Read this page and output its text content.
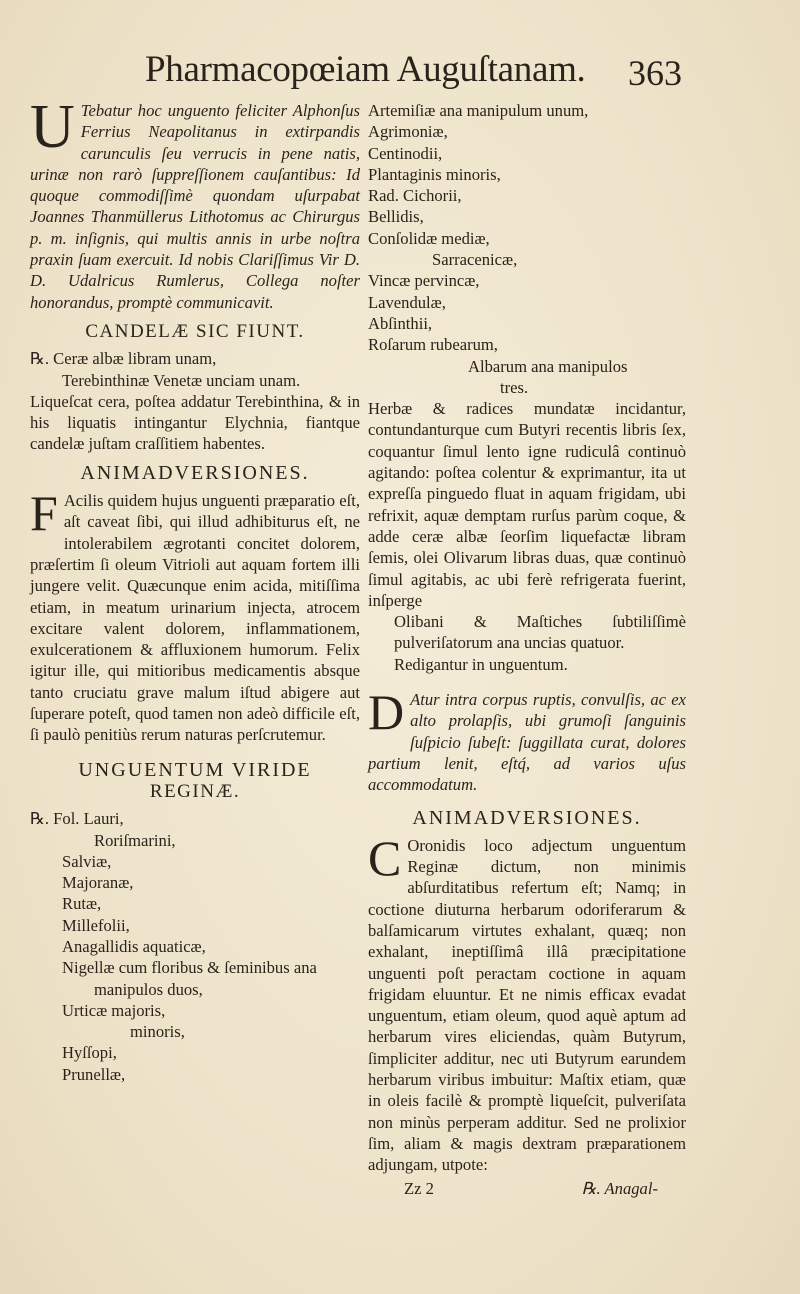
Pharmacopœiam Auguſtanam. 363
U Tebatur hoc unguento feliciter Alphonſus Ferrius Neapolitanus in extirpandis carunculis ſeu verrucis in pene natis, urinæ non rarò ſuppreſſionem cauſantibus: Id quoque commodiſſimè quondam uſurpabat Joannes Thanmüllerus Lithotomus ac Chirurgus p. m. inſignis, qui multis annis in urbe noſtra praxin ſuam exercuit. Id nobis Clariſſimus Vir D. D. Udalricus Rumlerus, Collega noſter honorandus, promptè communicavit.

CANDELÆ SIC FIUNT.
℞. Ceræ albæ libram unam,
Terebinthinæ Venetæ unciam unam.

Liqueſcat cera, poſtea addatur Terebinthina, & in his liquatis intingantur Elychnia, fiantque candelæ juſtam craſſitiem habentes.

ANIMADVERSIONES.
F Acilis quidem hujus unguenti præparatio eſt, aſt caveat ſibi, qui illud adhibiturus eſt, ne intolerabilem ægrotanti concitet dolorem, præſertim ſi oleum Vitrioli aut aquam fortem illi jungere velit. Quæcunque enim acida, mitiſſima etiam, in meatum urinarium injecta, atrocem excitare valent dolorem, inflammationem, exulcerationem & affluxionem humorum. Felix igitur ille, qui mitioribus medicamentis absque tanto cruciatu grave malum iſtud abigere aut ſuperare poteſt, quod tamen non adeò difficile eſt, ſi paulò penitiùs rerum naturas perſcrutemur.

UNGUENTUM VIRIDE
REGINÆ.
℞. Fol. Lauri,
Roriſmarini,
Salviæ,
Majoranæ,
Rutæ,
Millefolii,
Anagallidis aquaticæ,
Nigellæ cum floribus & ſeminibus ana
manipulos duos,
Urticæ majoris,
minoris,
Hyſſopi,
Prunellæ,
Artemiſiæ ana manipulum unum,
Agrimoniæ,
Centinodii,
Plantaginis minoris,
Rad. Cichorii,
Bellidis,
Conſolidæ mediæ,
Sarracenicæ,
Vincæ pervincæ,
Lavendulæ,
Abſinthii,
Roſarum rubearum,
Albarum ana manipulos
tres.

Herbæ & radices mundatæ incidantur, contundanturque cum Butyri recentis libris ſex, coquantur ſimul lento igne rudiculâ continuò agitando: poſtea colentur & exprimantur, ita ut expreſſa pinguedo fluat in aquam frigidam, ubi refrixit, aquæ demptam rurſus parùm coque, & adde ceræ albæ ſeorſim liquefactæ libram ſemis, olei Olivarum libras duas, quæ continuò ſimul agitabis, ac ubi ferè refrigerata fuerint, inſperge

Olibani & Maſtiches ſubtiliſſimè pulveriſatorum ana uncias quatuor.

Redigantur in unguentum.

D Atur intra corpus ruptis, convulſis, ac ex alto prolapſis, ubi grumoſi ſanguinis ſuſpicio ſubeſt: ſuggillata curat, dolores partium lenit, eſtq́, ad varios uſus accommodatum.

ANIMADVERSIONES.
C Oronidis loco adjectum unguentum Reginæ dictum, non minimis abſurditatibus refertum eſt; Namq; in coctione diuturna herbarum odoriferarum & balſamicarum virtutes exhalant, quæq; non exhalant, ineptiſſimâ illâ præcipitatione unguenti poſt peractam coctione in aquam frigidam eluuntur. Et ne nimis efficax evadat unguentum, etiam oleum, quod aquè aptum ad herbarum vires eliciendas, quàm Butyrum, ſimpliciter additur, nec uti Butyrum earundem herbarum viribus imbuitur: Maſtix etiam, quæ in oleis facilè & promptè liqueſcit, pulveriſata non minùs perperam additur. Sed ne prolixior ſim, aliam & magis dextram præparationem adjungam, utpote:

Zz 2	℞. Anagal-
